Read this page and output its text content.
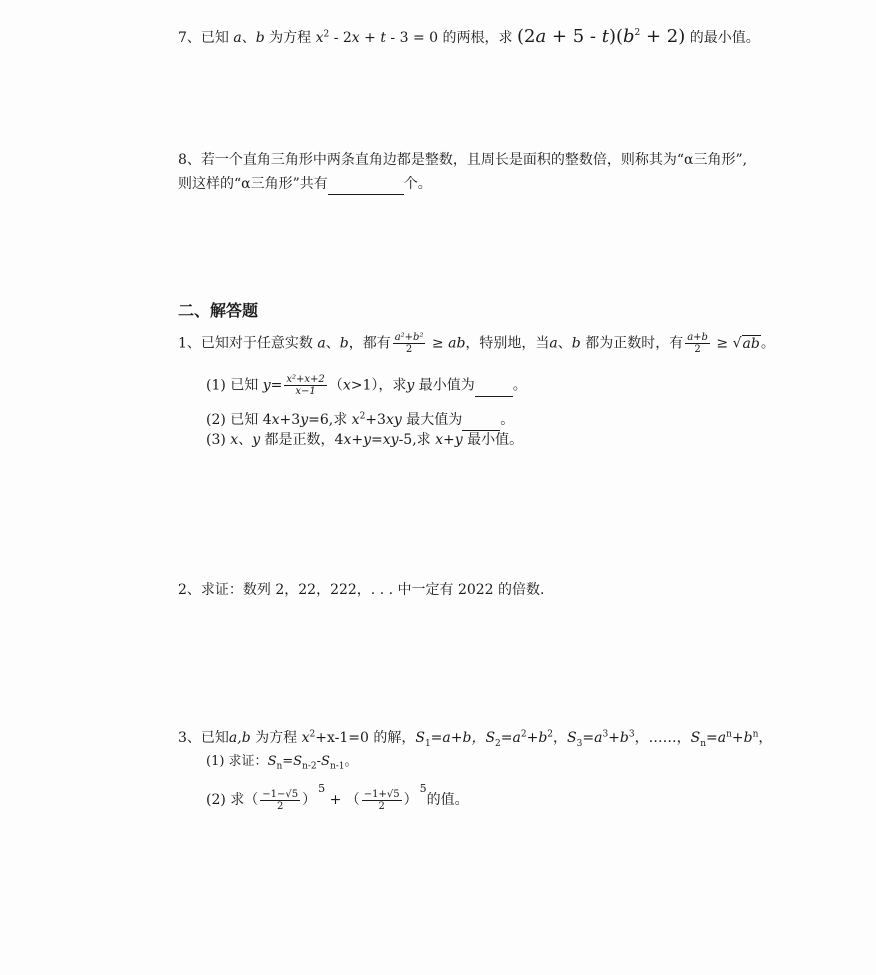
7、已知 a、b 为方程 $x^2 - 2x + t - 3 = 0$ 的两根，求 $(2a + 5 - t)(b^2 + 2)$ 的最小值。
8、若一个直角三角形中两条直角边都是整数，且周长是面积的整数倍，则称其为“α三角形”,
则这样的“α三角形”共有	个。
二、解答题
1、已知对于任意实数 a、b，都有 $\frac{\text{a²+b²}}{2}$ ≥ ab，特别地，当a、b 都为正数时，有 $\frac{a+b}{2} \ge √ab$。
(1) 已知 $y= \frac{\text{x²+x+2}}{x-1} (x>1)$，求y 最小值为	。
(2) 已知 4x+3y=6,求 $x^2+3xy$ 最大值为	。
(3) x、y 都是正数，4x+y=xy-5,求 x+y 最小值。
2、求证：数列 2，22，222，. . . 中一定有 2022 的倍数.
3、已知a,b 为方程 $x^2+x-1=0$ 的解，$S_1=a+b$，$S_2=a^2+b^2$，$S_3=a^3+b^3$，……，$S_n=a^n+b^n$，
(1) 求证：$S_n=S_{n-2}-S_{n-1}$。
(2) 求（ $\frac{-1-√5}{2} )^5$ + （ $\frac{-1+√5}{2} )^5$的值。
